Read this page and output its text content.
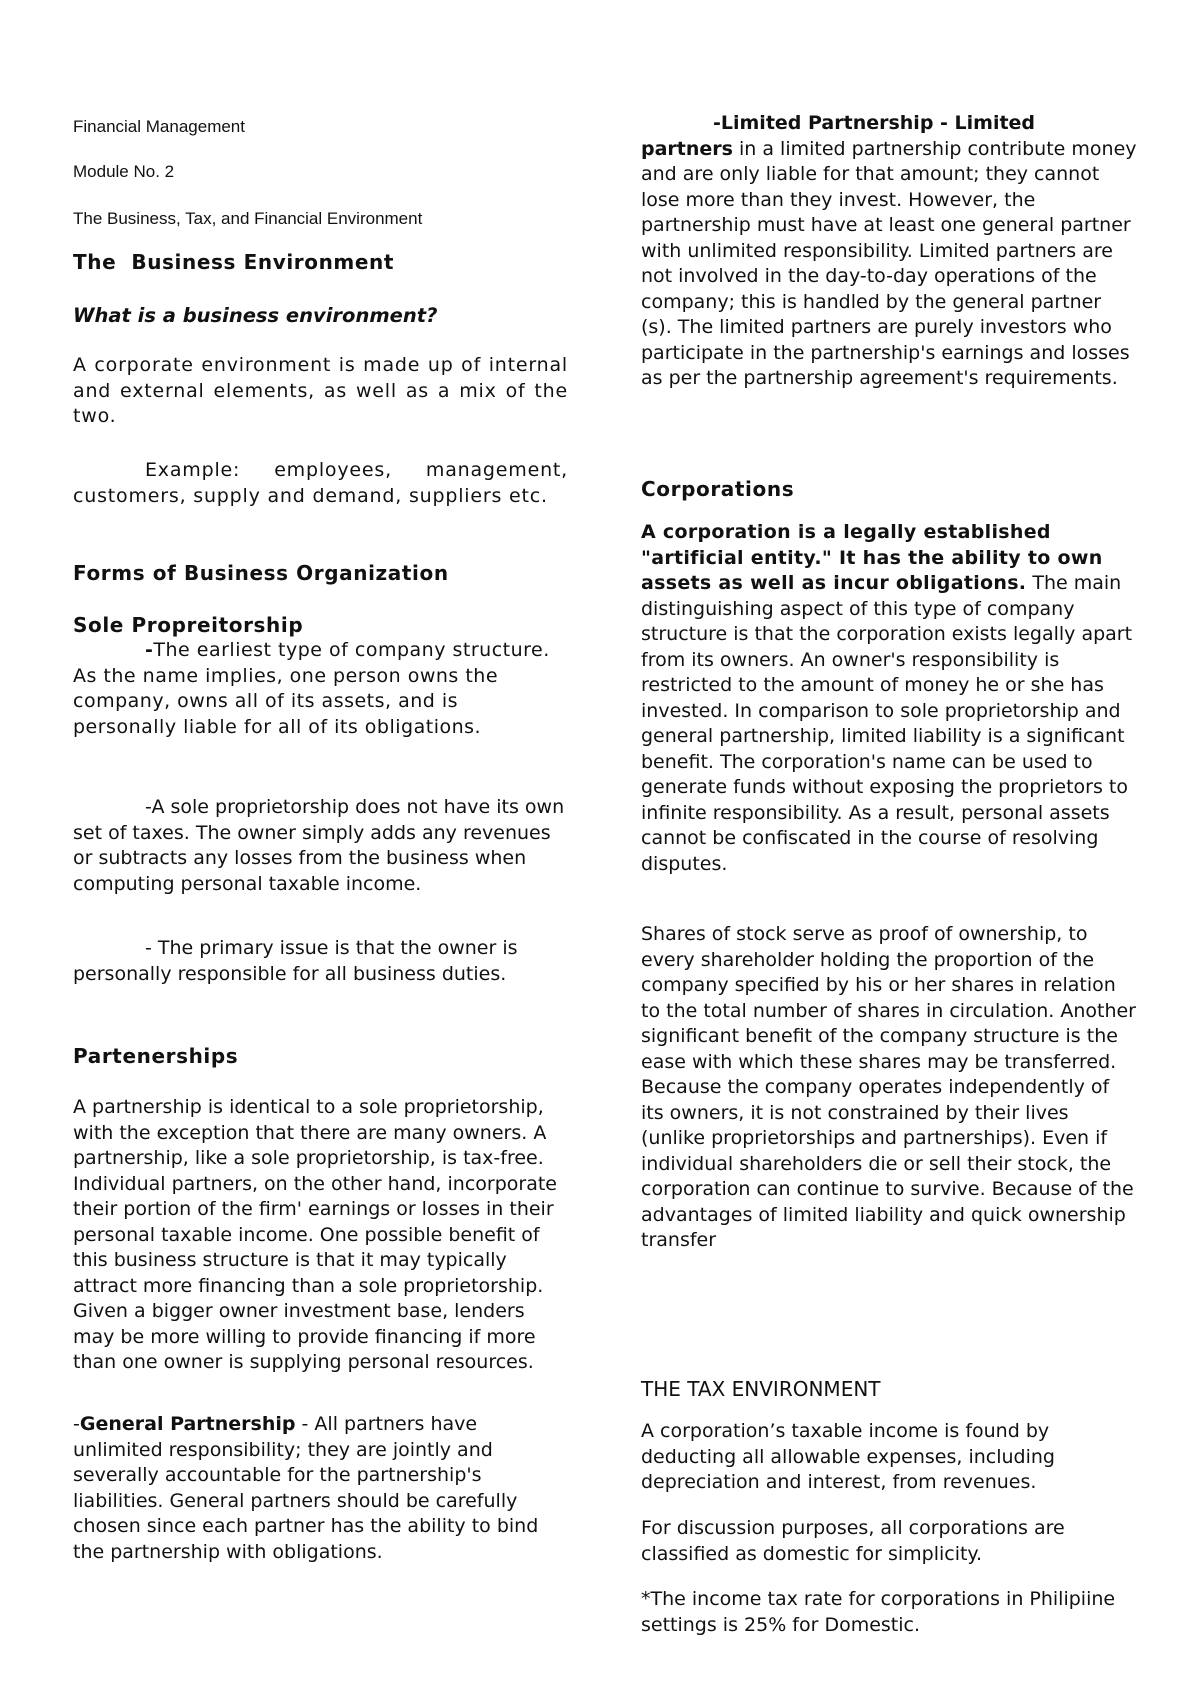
Financial Management

Module No. 2

The Business, Tax, and Financial Environment

The  Business Environment

What is a business environment?

A corporate environment is made up of internal and external elements, as well as a mix of the two.

Example: employees, management, customers, supply and demand, suppliers etc.

Forms of Business Organization

Sole Propreitorship

-The earliest type of company structure. As the name implies, one person owns the company, owns all of its assets, and is personally liable for all of its obligations.

-A sole proprietorship does not have its own set of taxes. The owner simply adds any revenues or subtracts any losses from the business when computing personal taxable income.

- The primary issue is that the owner is personally responsible for all business duties.

Partenerships

A partnership is identical to a sole proprietorship, with the exception that there are many owners. A partnership, like a sole proprietorship, is tax-free. Individual partners, on the other hand, incorporate their portion of the firm' earnings or losses in their personal taxable income. One possible benefit of this business structure is that it may typically attract more financing than a sole proprietorship. Given a bigger owner investment base, lenders may be more willing to provide financing if more than one owner is supplying personal resources.

-General Partnership - All partners have unlimited responsibility; they are jointly and severally accountable for the partnership's liabilities. General partners should be carefully chosen since each partner has the ability to bind the partnership with obligations.

-Limited Partnership - Limited
partners in a limited partnership contribute money and are only liable for that amount; they cannot lose more than they invest. However, the partnership must have at least one general partner with unlimited responsibility. Limited partners are not involved in the day-to-day operations of the company; this is handled by the general partner (s). The limited partners are purely investors who participate in the partnership's earnings and losses as per the partnership agreement's requirements.

Corporations

A corporation is a legally established "artificial entity." It has the ability to own assets as well as incur obligations. The main distinguishing aspect of this type of company structure is that the corporation exists legally apart from its owners. An owner's responsibility is restricted to the amount of money he or she has invested. In comparison to sole proprietorship and general partnership, limited liability is a significant benefit. The corporation's name can be used to generate funds without exposing the proprietors to infinite responsibility. As a result, personal assets cannot be confiscated in the course of resolving disputes.

Shares of stock serve as proof of ownership, to every shareholder holding the proportion of the company specified by his or her shares in relation to the total number of shares in circulation. Another significant benefit of the company structure is the ease with which these shares may be transferred. Because the company operates independently of its owners, it is not constrained by their lives (unlike proprietorships and partnerships). Even if individual shareholders die or sell their stock, the corporation can continue to survive. Because of the advantages of limited liability and quick ownership transfer

THE TAX ENVIRONMENT

A corporation’s taxable income is found by deducting all allowable expenses, including depreciation and interest, from revenues.

For discussion purposes, all corporations are classified as domestic for simplicity.

*The income tax rate for corporations in Philipiine settings is 25% for Domestic.
